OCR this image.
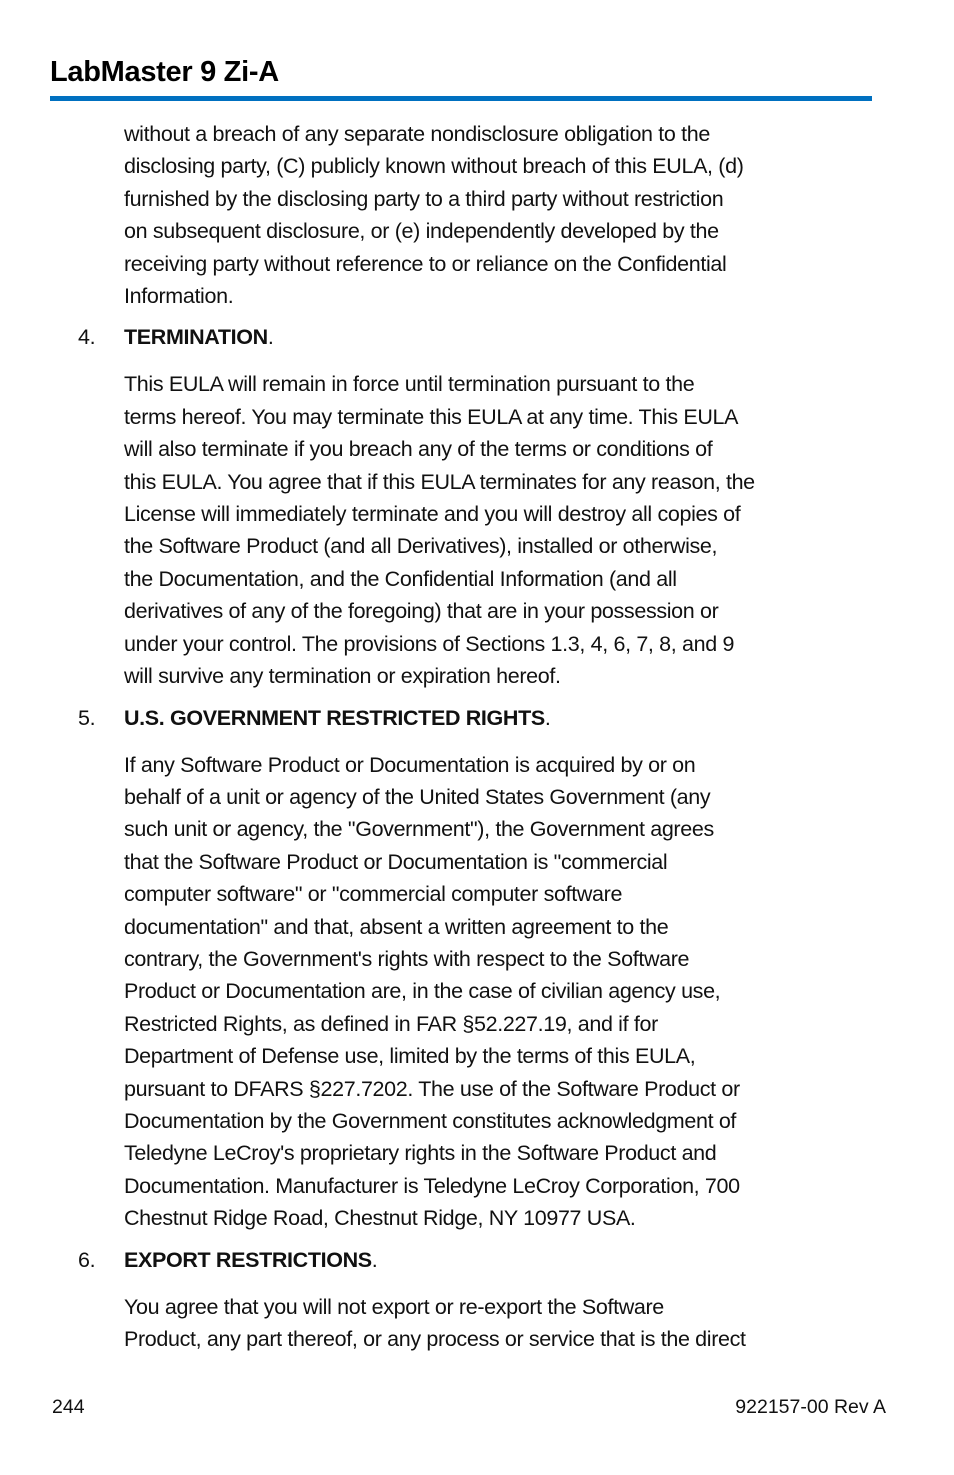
LabMaster 9 Zi-A

without a breach of any separate nondisclosure obligation to the
disclosing party, (C) publicly known without breach of this EULA, (d)
furnished by the disclosing party to a third party without restriction
on subsequent disclosure, or (e) independently developed by the
receiving party without reference to or reliance on the Confidential
Information.

4. TERMINATION.

This EULA will remain in force until termination pursuant to the
terms hereof. You may terminate this EULA at any time. This EULA
will also terminate if you breach any of the terms or conditions of
this EULA. You agree that if this EULA terminates for any reason, the
License will immediately terminate and you will destroy all copies of
the Software Product (and all Derivatives), installed or otherwise,
the Documentation, and the Confidential Information (and all
derivatives of any of the foregoing) that are in your possession or
under your control. The provisions of Sections 1.3, 4, 6, 7, 8, and 9
will survive any termination or expiration hereof.

5. U.S. GOVERNMENT RESTRICTED RIGHTS.

If any Software Product or Documentation is acquired by or on
behalf of a unit or agency of the United States Government (any
such unit or agency, the "Government"), the Government agrees
that the Software Product or Documentation is "commercial
computer software" or "commercial computer software
documentation" and that, absent a written agreement to the
contrary, the Government's rights with respect to the Software
Product or Documentation are, in the case of civilian agency use,
Restricted Rights, as defined in FAR §52.227.19, and if for
Department of Defense use, limited by the terms of this EULA,
pursuant to DFARS §227.7202. The use of the Software Product or
Documentation by the Government constitutes acknowledgment of
Teledyne LeCroy's proprietary rights in the Software Product and
Documentation. Manufacturer is Teledyne LeCroy Corporation, 700
Chestnut Ridge Road, Chestnut Ridge, NY 10977 USA.

6. EXPORT RESTRICTIONS.

You agree that you will not export or re-export the Software
Product, any part thereof, or any process or service that is the direct

244	922157-00 Rev A
